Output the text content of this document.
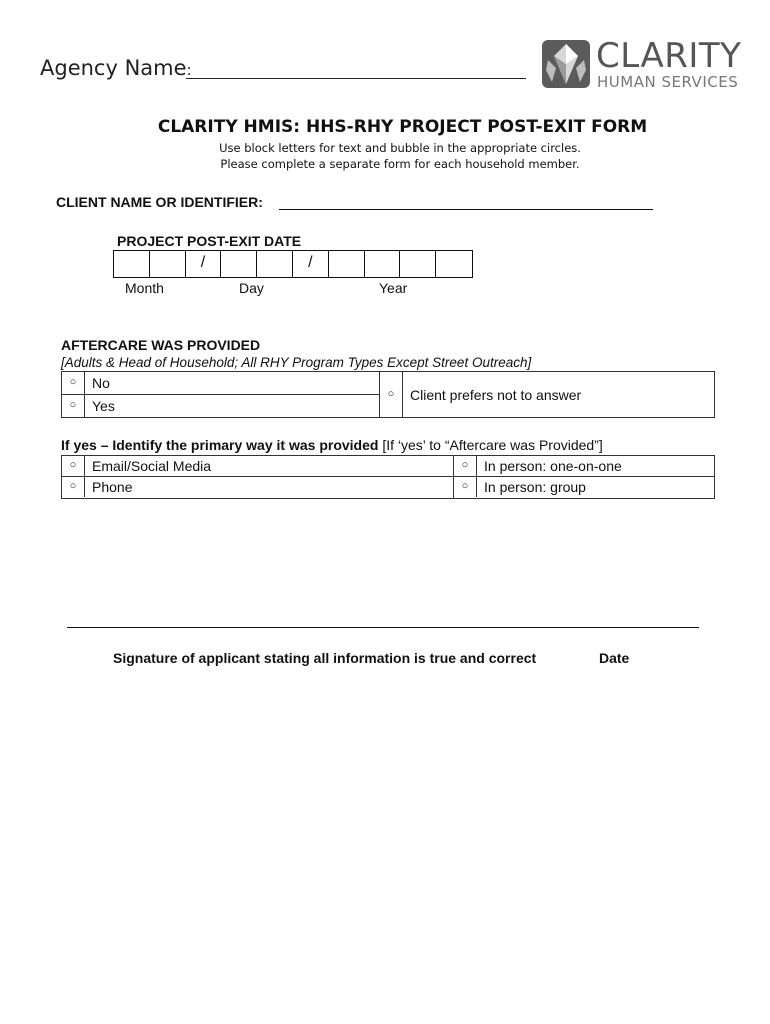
Agency Name:	CLARITY
HUMAN SERVICES
CLARITY HMIS: HHS-RHY PROJECT POST-EXIT FORM
Use block letters for text and bubble in the appropriate circles.
Please complete a separate form for each household member.
CLIENT NAME OR IDENTIFIER:
PROJECT POST-EXIT DATE
/	/
Month	Day	Year
AFTERCARE WAS PROVIDED
[Adults & Head of Household; All RHY Program Types Except Street Outreach]
○	No
○	Yes
○	Client prefers not to answer
If yes – Identify the primary way it was provided [If ‘yes’ to “Aftercare was Provided”]
○	Email/Social Media
○	Phone
○	In person: one-on-one
○	In person: group
Signature of applicant stating all information is true and correct	Date
